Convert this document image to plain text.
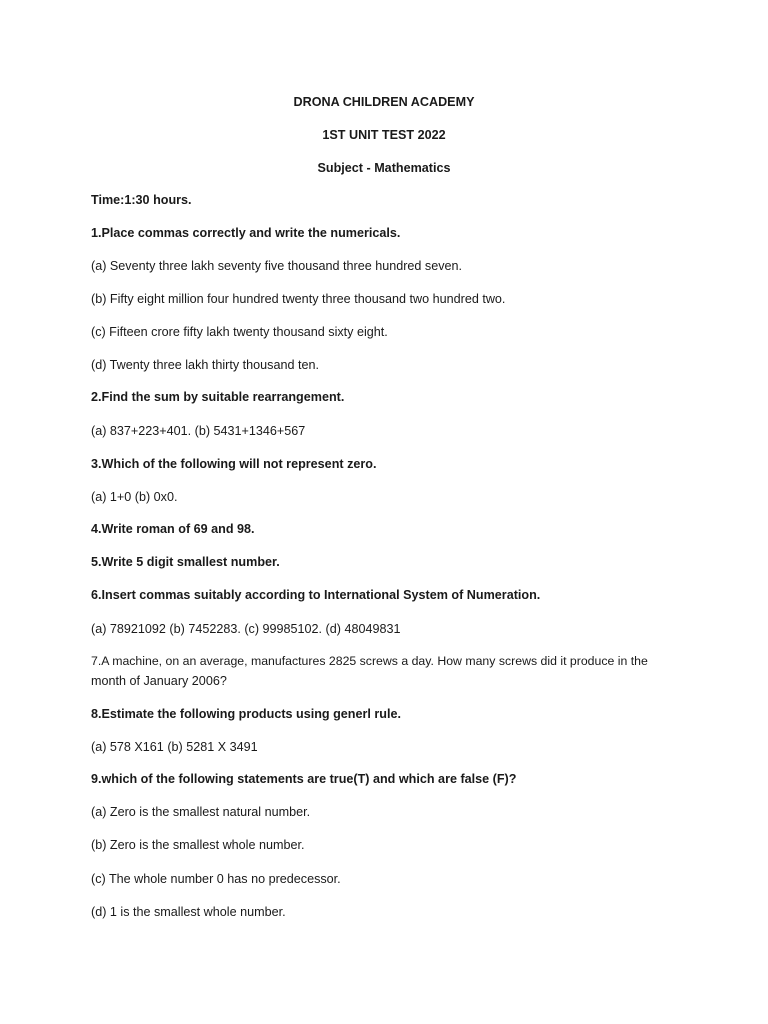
DRONA CHILDREN ACADEMY
1ST UNIT TEST 2022
Subject - Mathematics
Time:1:30 hours.
1.Place commas correctly and write the numericals.
(a) Seventy three lakh seventy five thousand three hundred seven.
(b) Fifty eight million four hundred twenty three thousand two hundred two.
(c) Fifteen crore fifty lakh twenty thousand sixty eight.
(d) Twenty three lakh thirty thousand ten.
2.Find the sum by suitable rearrangement.
(a) 837+223+401. (b) 5431+1346+567
3.Which of the following will not represent zero.
(a) 1+0 (b) 0x0.
4.Write roman of 69 and 98.
5.Write 5 digit smallest number.
6.Insert commas suitably according to International System of Numeration.
(a) 78921092 (b) 7452283. (c) 99985102. (d) 48049831
7.A machine, on an average, manufactures 2825 screws a day. How many screws did it produce in the
month of January 2006?
8.Estimate the following products using generl rule.
(a) 578 X161 (b) 5281 X 3491
9.which of the following statements are true(T) and which are false (F)?
(a) Zero is the smallest natural number.
(b) Zero is the smallest whole number.
(c) The whole number 0 has no predecessor.
(d) 1 is the smallest whole number.
